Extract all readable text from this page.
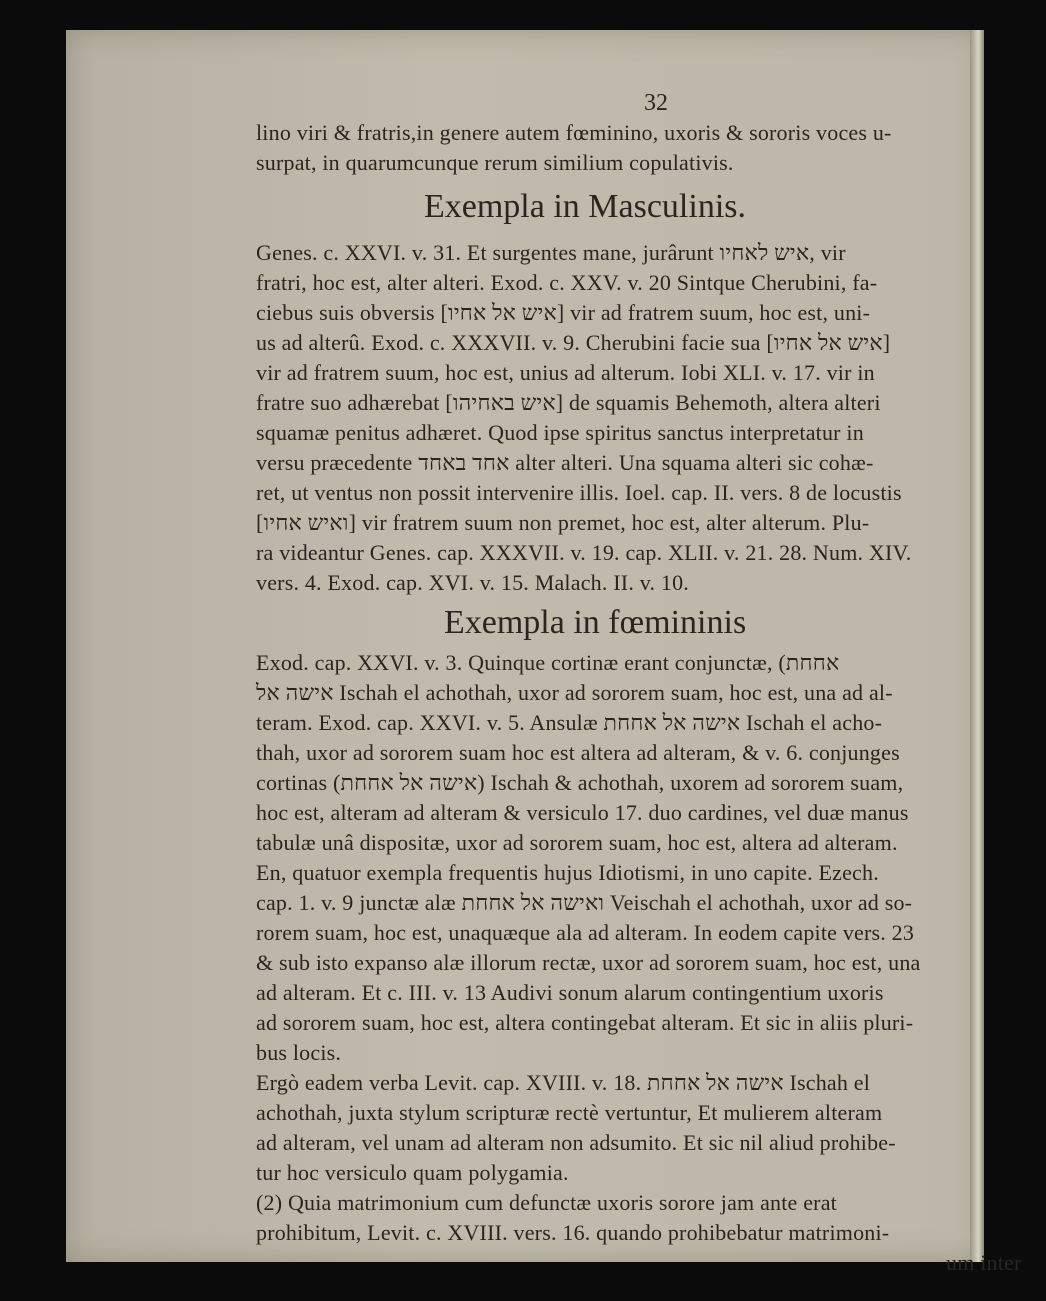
32
lino viri & fratris,in genere autem fœminino, uxoris & sororis voces u-
surpat, in quarumcunque rerum similium copulativis.
Exempla in Masculinis.
Genes. c. XXVI. v. 31. Et surgentes mane, jurârunt איש לאחיו, vir
fratri, hoc est, alter alteri. Exod. c. XXV. v. 20 Sintque Cherubini, fa-
ciebus suis obversis [איש אל אחיו] vir ad fratrem suum, hoc est, uni-
us ad alterû. Exod. c. XXXVII. v. 9. Cherubini facie sua [איש אל אחיו]
vir ad fratrem suum, hoc est, unius ad alterum. Iobi XLI. v. 17. vir in
fratre suo adhærebat [איש באחיהו] de squamis Behemoth, altera alteri
squamæ penitus adhæret. Quod ipse spiritus sanctus interpretatur in
versu præcedente אחד באחד alter alteri. Una squama alteri sic cohæ-
ret, ut ventus non possit intervenire illis. Ioel. cap. II. vers. 8 de locustis
[ואיש אחיו] vir fratrem suum non premet, hoc est, alter alterum. Plu-
ra videantur Genes. cap. XXXVII. v. 19. cap. XLII. v. 21. 28. Num. XIV.
vers. 4. Exod. cap. XVI. v. 15. Malach. II. v. 10.
Exempla in fœmininis
Exod. cap. XXVI. v. 3. Quinque cortinæ erant conjunctæ, (אחחת
אישה אל Ischah el achothah, uxor ad sororem suam, hoc est, una ad al-
teram. Exod. cap. XXVI. v. 5. Ansulæ אישה אל אחחת Ischah el acho-
thah, uxor ad sororem suam hoc est altera ad alteram, & v. 6. conjunges
cortinas (אישה אל אחחת) Ischah & achothah, uxorem ad sororem suam,
hoc est, alteram ad alteram & versiculo 17. duo cardines, vel duæ manus
tabulæ unâ dispositæ, uxor ad sororem suam, hoc est, altera ad alteram.
En, quatuor exempla frequentis hujus Idiotismi, in uno capite. Ezech.
cap. 1. v. 9 junctæ alæ ואישה אל אחחת Veischah el achothah, uxor ad so-
rorem suam, hoc est, unaquæque ala ad alteram. In eodem capite vers. 23
& sub isto expanso alæ illorum rectæ, uxor ad sororem suam, hoc est, una
ad alteram. Et c. III. v. 13 Audivi sonum alarum contingentium uxoris
ad sororem suam, hoc est, altera contingebat alteram. Et sic in aliis pluri-
bus locis.
Ergò eadem verba Levit. cap. XVIII. v. 18. אישה אל אחחת Ischah el
achothah, juxta stylum scripturæ rectè vertuntur, Et mulierem alteram
ad alteram, vel unam ad alteram non adsumito. Et sic nil aliud prohibe-
tur hoc versiculo quam polygamia.
(2) Quia matrimonium cum defunctæ uxoris sorore jam ante erat
prohibitum, Levit. c. XVIII. vers. 16. quando prohibebatur matrimoni-
um inter
